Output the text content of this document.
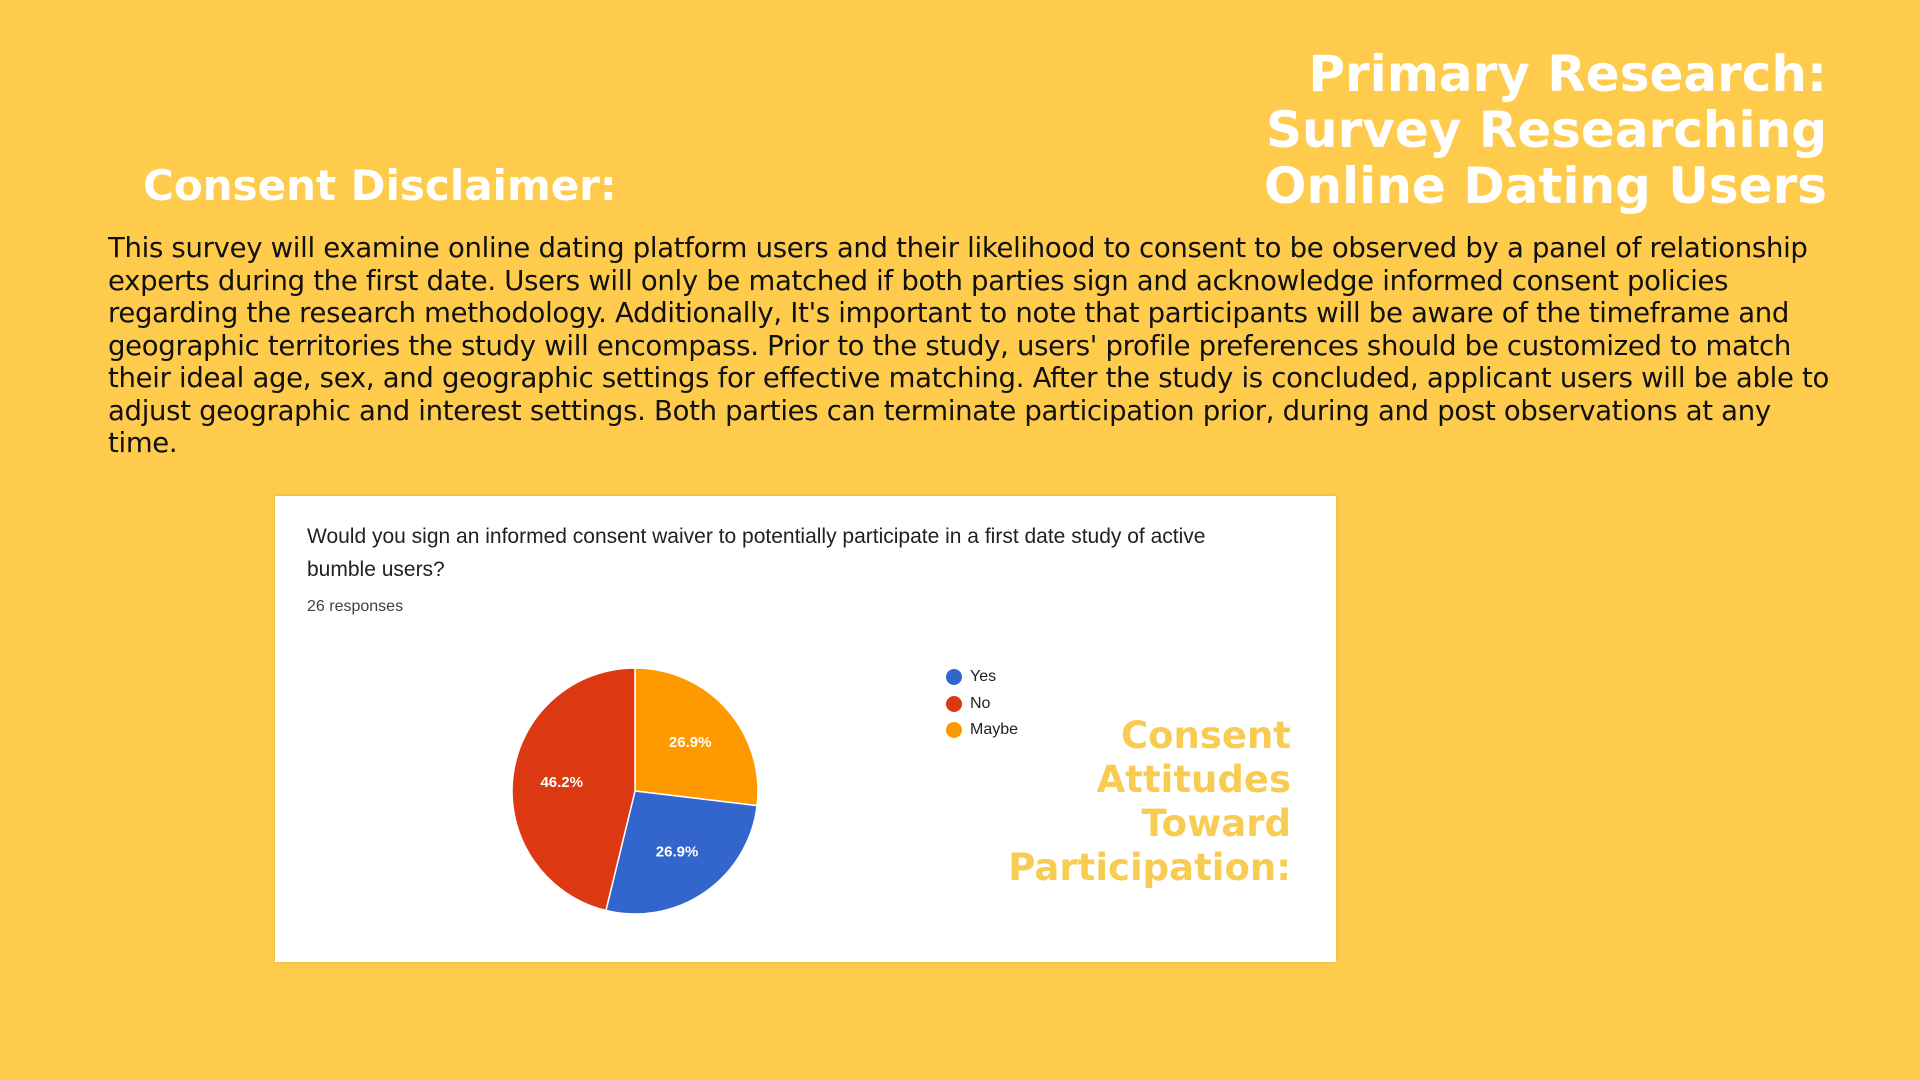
Primary Research:
Survey Researching
Online Dating Users
Consent Disclaimer:

This survey will examine online dating platform users and their likelihood to consent to be observed by a panel of relationship experts during the first date. Users will only be matched if both parties sign and acknowledge informed consent policies regarding the research methodology. Additionally, It's important to note that participants will be aware of the timeframe and geographic territories the study will encompass. Prior to the study, users' profile preferences should be customized to match their ideal age, sex, and geographic settings for effective matching. After the study is concluded, applicant users will be able to adjust geographic and interest settings. Both parties can terminate participation prior, during and post observations at any time.

Would you sign an informed consent waiver to potentially participate in a first date study of active bumble users?

26 responses
26.9%
26.9%
46.2%
Yes
No
Maybe	Consent
Attitudes
Toward
Participation:
